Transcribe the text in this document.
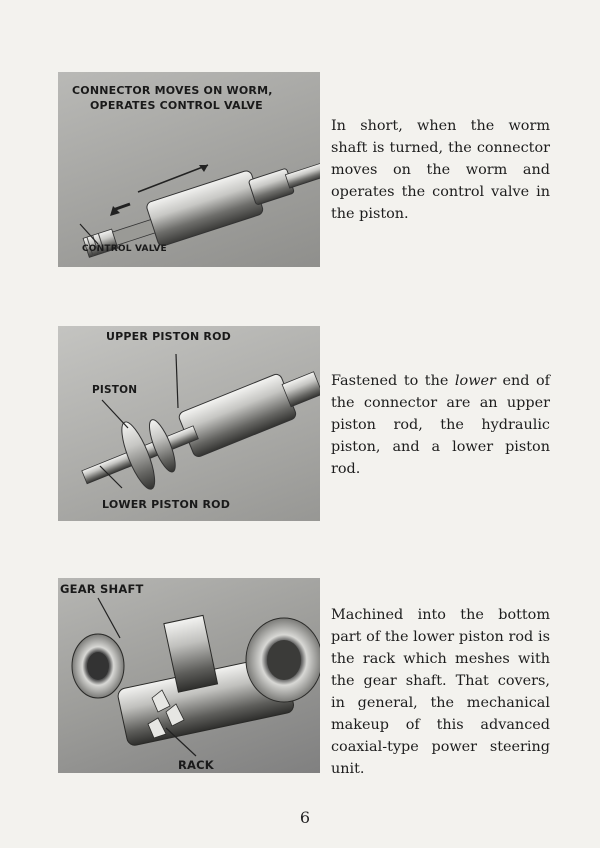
CONNECTOR MOVES ON WORM,
OPERATES CONTROL VALVE
CONTROL VALVE

In short, when the worm shaft is turned, the connector moves on the worm and operates the control valve in the piston.

UPPER PISTON ROD
PISTON
LOWER PISTON ROD

Fastened to the lower end of the connector are an upper piston rod, the hydraulic piston, and a lower piston rod.

GEAR SHAFT
RACK

Machined into the bottom part of the lower piston rod is the rack which meshes with the gear shaft. That covers, in general, the mechanical makeup of this advanced coaxial-type power steering unit.

6
